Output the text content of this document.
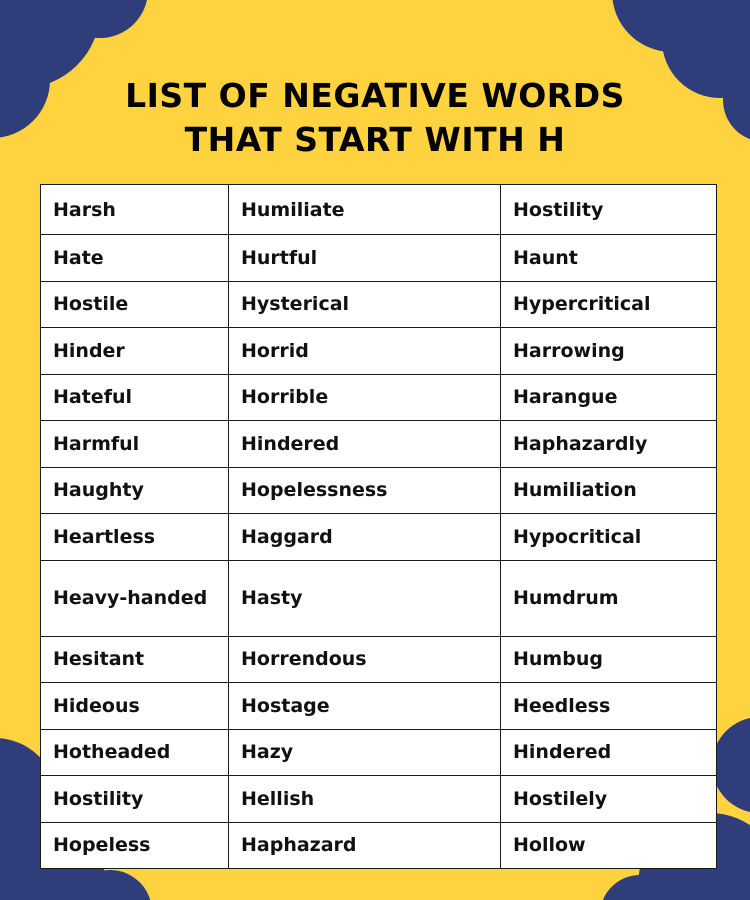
LIST OF NEGATIVE WORDS
THAT START WITH H
Harsh	Humiliate	Hostility
Hate	Hurtful	Haunt
Hostile	Hysterical	Hypercritical
Hinder	Horrid	Harrowing
Hateful	Horrible	Harangue
Harmful	Hindered	Haphazardly
Haughty	Hopelessness	Humiliation
Heartless	Haggard	Hypocritical
Heavy-handed	Hasty	Humdrum
Hesitant	Horrendous	Humbug
Hideous	Hostage	Heedless
Hotheaded	Hazy	Hindered
Hostility	Hellish	Hostilely
Hopeless	Haphazard	Hollow
